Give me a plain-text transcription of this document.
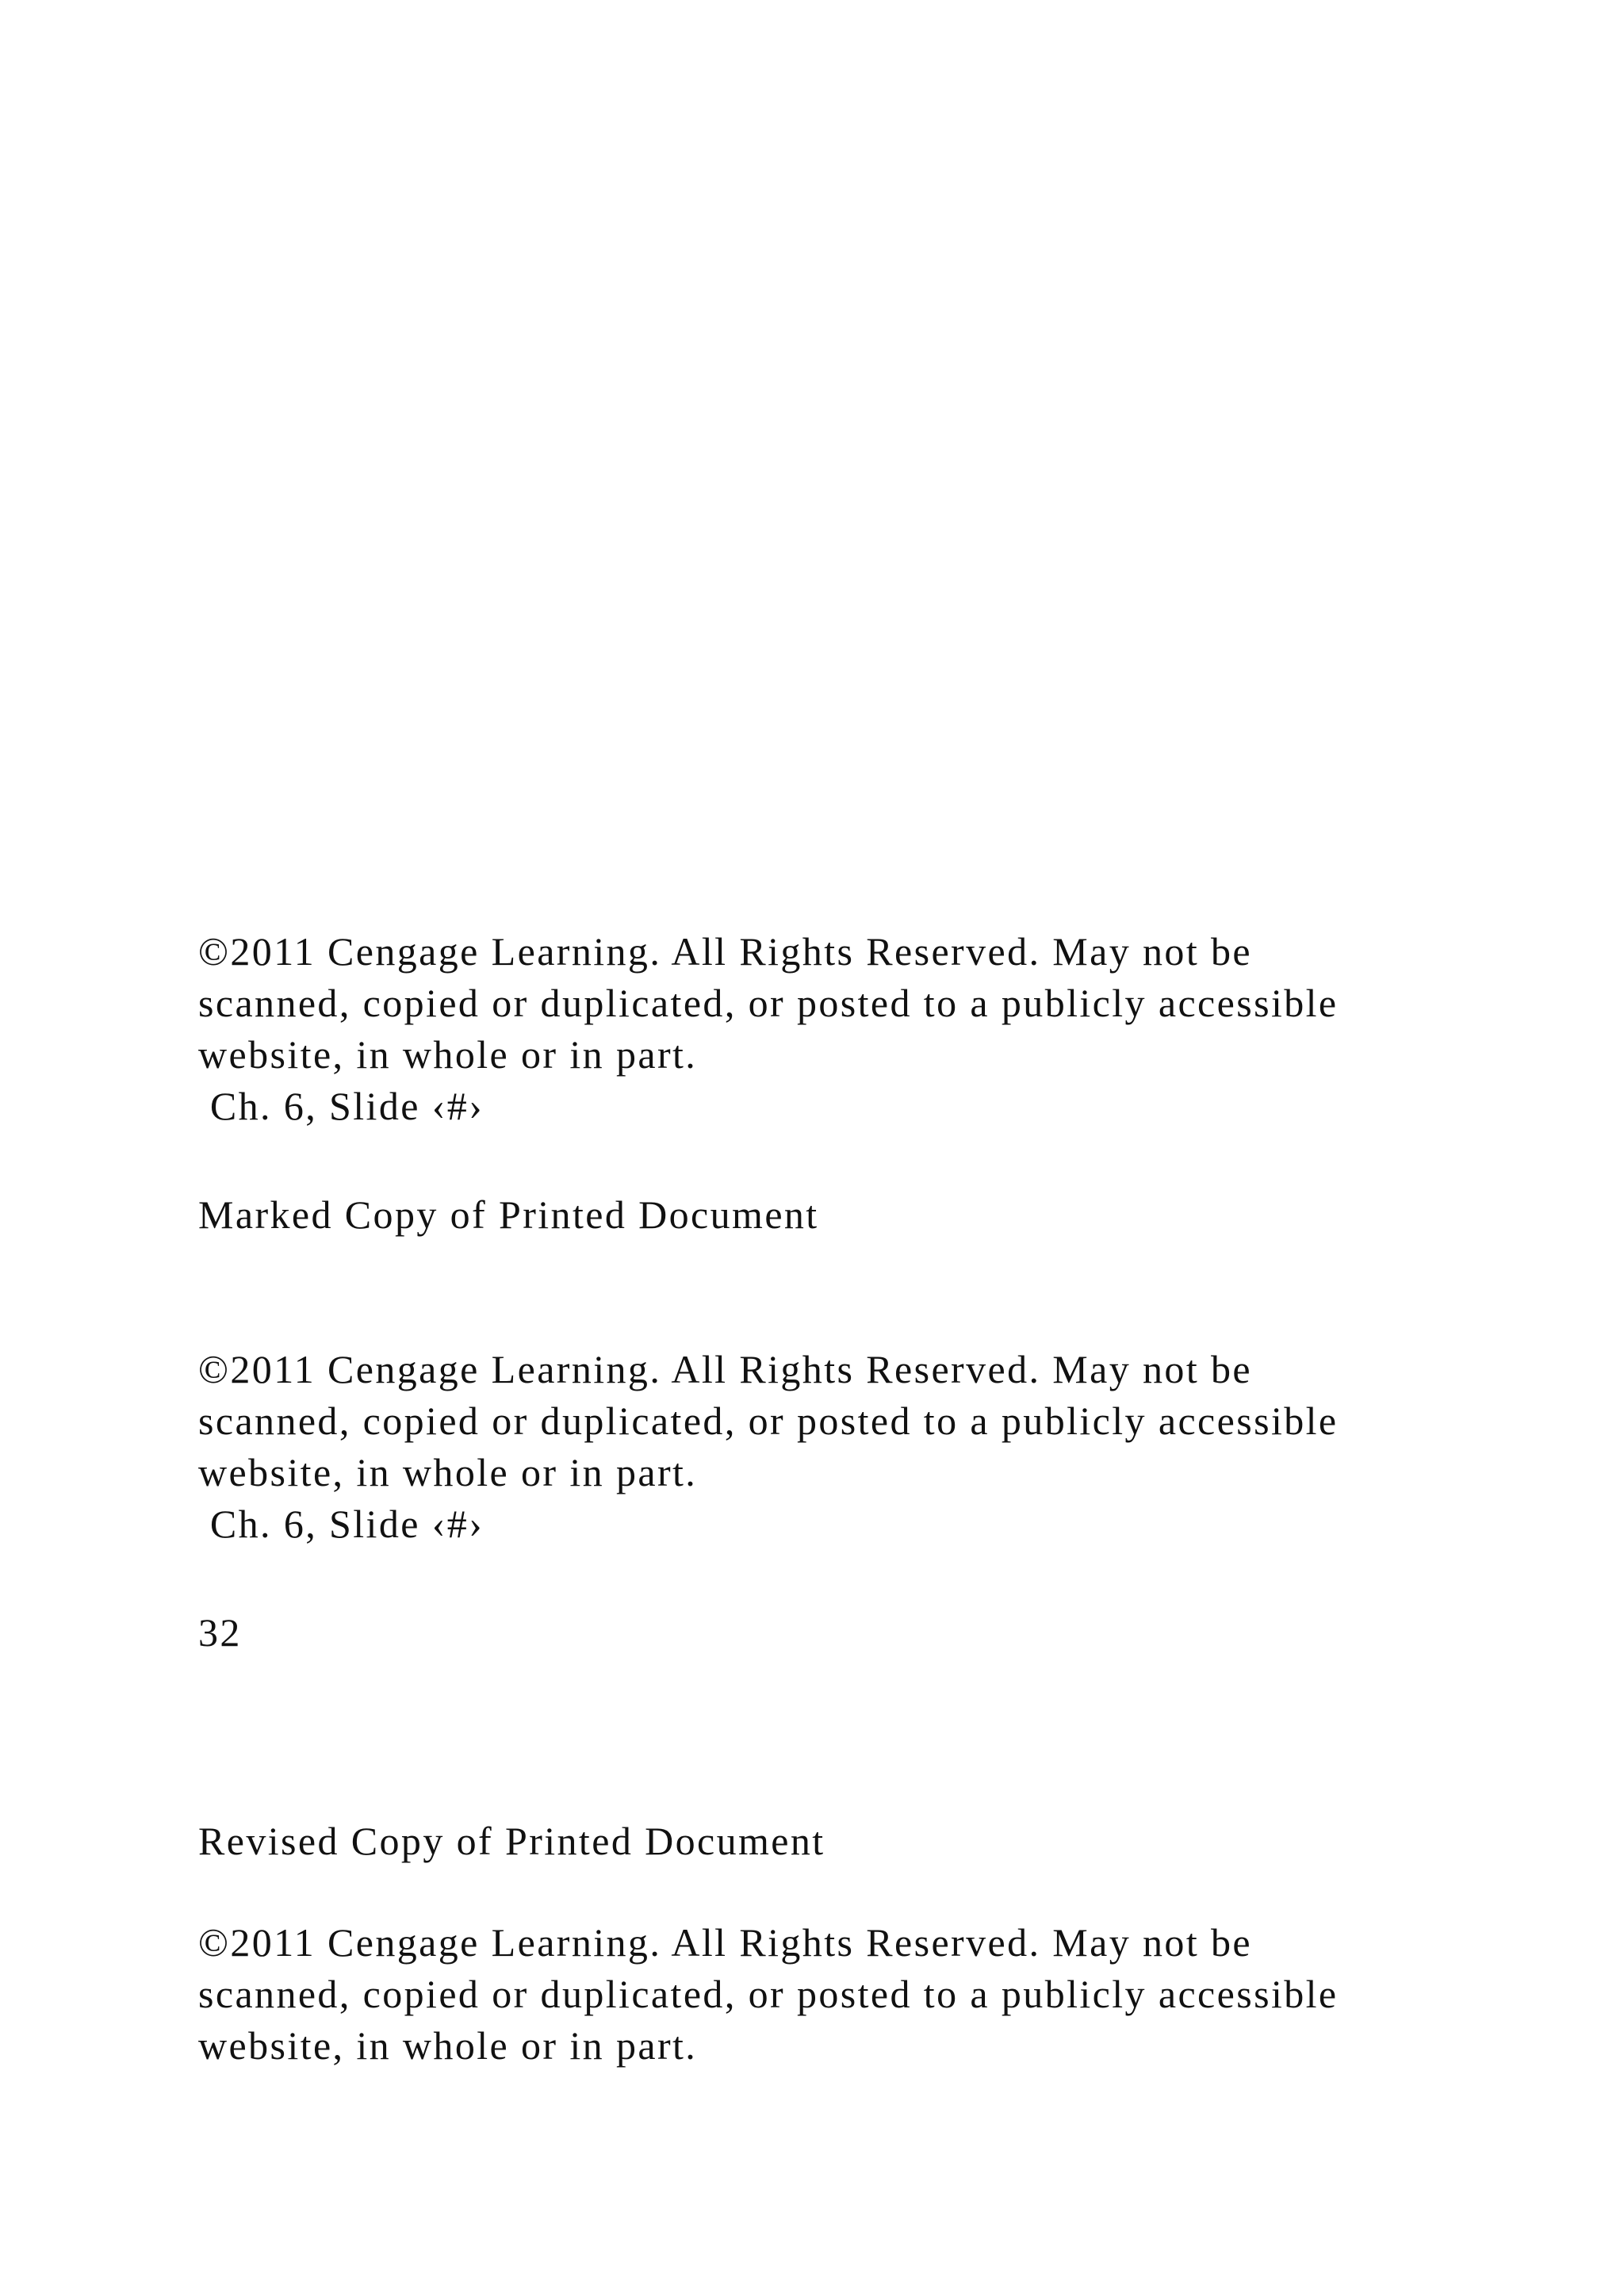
©2011 Cengage Learning. All Rights Reserved. May not be
scanned, copied or duplicated, or posted to a publicly accessible
website, in whole or in part.

Ch. 6, Slide ‹#›

Marked Copy of Printed Document

©2011 Cengage Learning. All Rights Reserved. May not be
scanned, copied or duplicated, or posted to a publicly accessible
website, in whole or in part.

Ch. 6, Slide ‹#›

32

Revised Copy of Printed Document

©2011 Cengage Learning. All Rights Reserved. May not be
scanned, copied or duplicated, or posted to a publicly accessible
website, in whole or in part.
